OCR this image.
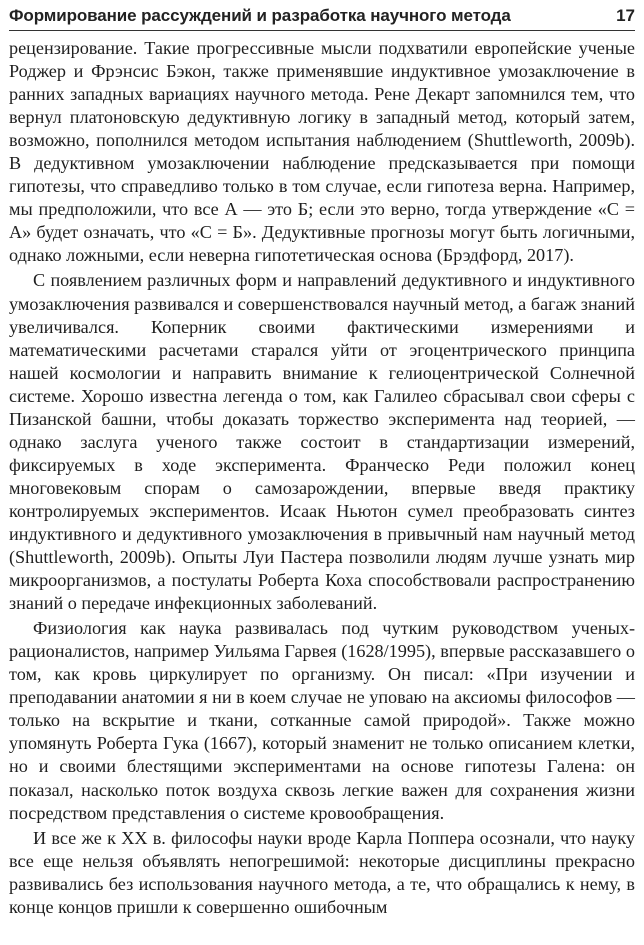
Формирование рассуждений и разработка научного метода	17

рецензирование. Такие прогрессивные мысли подхватили европейские ученые Роджер и Фрэнсис Бэкон, также применявшие индуктивное умозаключение в ранних западных вариациях научного метода. Рене Декарт запомнился тем, что вернул платоновскую дедуктивную логику в западный метод, который затем, возможно, пополнился методом испытания наблюдением (Shuttleworth, 2009b). В дедуктивном умозаключении наблюдение предсказывается при помощи гипотезы, что справедливо только в том случае, если гипотеза верна. Например, мы предположили, что все А — это Б; если это верно, тогда утверждение «С = А» будет означать, что «С = Б». Дедуктивные прогнозы могут быть логичными, однако ложными, если неверна гипотетическая основа (Брэдфорд, 2017).

С появлением различных форм и направлений дедуктивного и индуктивного умозаключения развивался и совершенствовался научный метод, а багаж знаний увеличивался. Коперник своими фактическими измерениями и математическими расчетами старался уйти от эгоцентрического принципа нашей космологии и направить внимание к гелиоцентрической Солнечной системе. Хорошо известна легенда о том, как Галилео сбрасывал свои сферы с Пизанской башни, чтобы доказать торжество эксперимента над теорией, — однако заслуга ученого также состоит в стандартизации измерений, фиксируемых в ходе эксперимента. Франческо Реди положил конец многовековым спорам о самозарождении, впервые введя практику контролируемых экспериментов. Исаак Ньютон сумел преобразовать синтез индуктивного и дедуктивного умозаключения в привычный нам научный метод (Shuttleworth, 2009b). Опыты Луи Пастера позволили людям лучше узнать мир микроорганизмов, а постулаты Роберта Коха способствовали распространению знаний о передаче инфекционных заболеваний.

Физиология как наука развивалась под чутким руководством ученых-рационалистов, например Уильяма Гарвея (1628/1995), впервые рассказавшего о том, как кровь циркулирует по организму. Он писал: «При изучении и преподавании анатомии я ни в коем случае не уповаю на аксиомы философов — только на вскрытие и ткани, сотканные самой природой». Также можно упомянуть Роберта Гука (1667), который знаменит не только описанием клетки, но и своими блестящими экспериментами на основе гипотезы Галена: он показал, насколько поток воздуха сквозь легкие важен для сохранения жизни посредством представления о системе кровообращения.

И все же к XX в. философы науки вроде Карла Поппера осознали, что науку все еще нельзя объявлять непогрешимой: некоторые дисциплины прекрасно развивались без использования научного метода, а те, что обращались к нему, в конце концов пришли к совершенно ошибочным
